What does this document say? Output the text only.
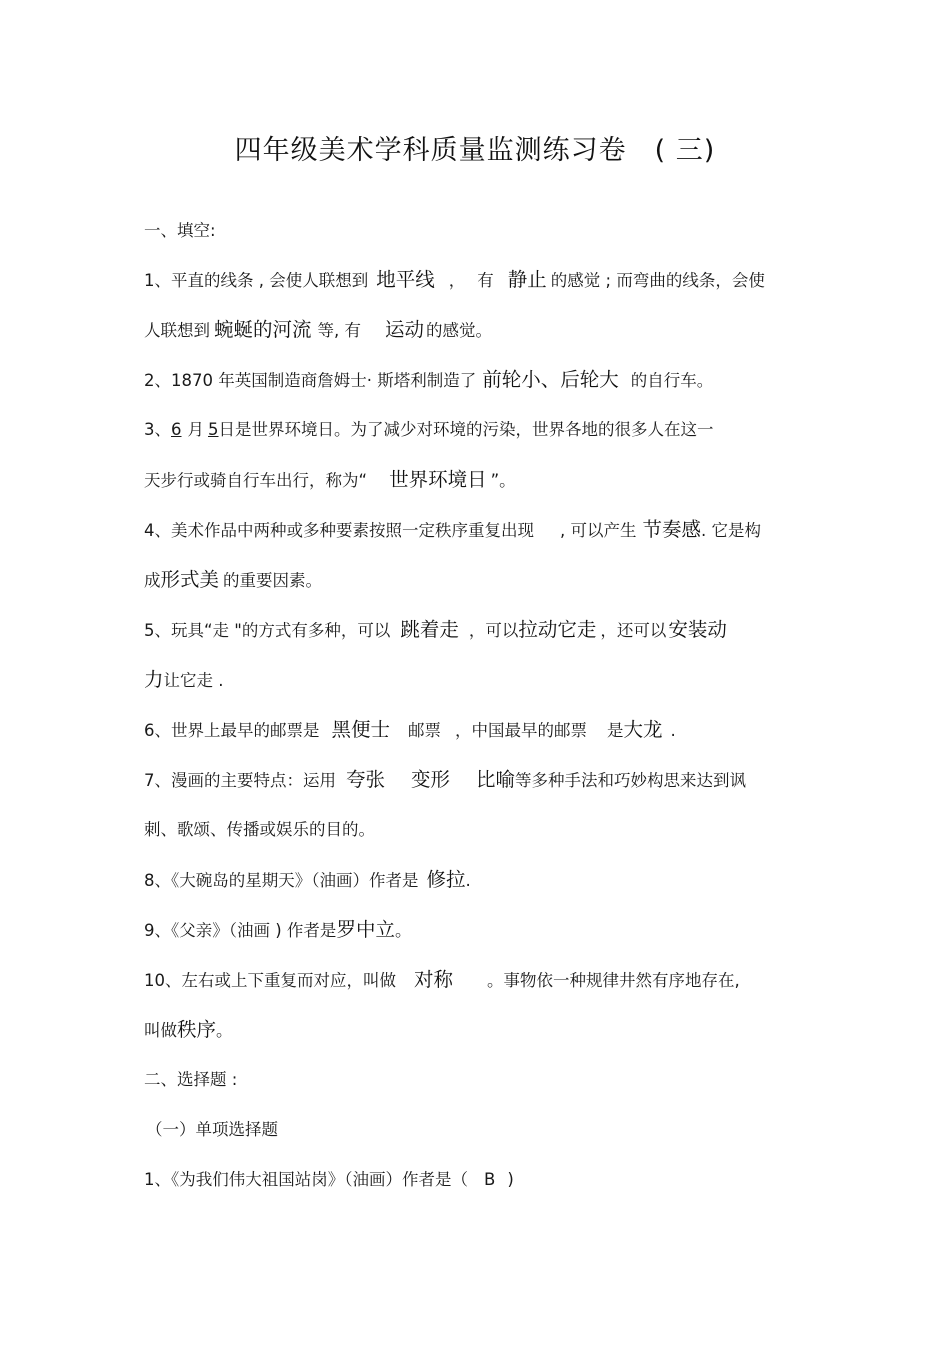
四年级美术学科质量监测练习卷　( 三)
一、填空:
1、平直的线条 , 会使人联想到 地平线 ， 有 静止 的感觉 ; 而弯曲的线条，会使
人联想到 蜿蜒的河流 等, 有 运动 的感觉。
2、1870 年英国制造商詹姆士· 斯塔利制造了 前轮小、后轮大 的自行车。
3、6 月 5日是世界环境日。为了减少对环境的污染，世界各地的很多人在这一
天步行或骑自行车出行，称为“ 世界环境日 ”。
4、美术作品中两种或多种要素按照一定秩序重复出现 , 可以产生 节奏感. 它是构
成形式美 的重要因素。
5、玩具“走 "的方式有多种，可以 跳着走 ，可以拉动它走 ，还可以 安装动
力让它走 .
6、世界上最早的邮票是 黑便士 邮票 ，中国最早的邮票 是大龙 .
7、漫画的主要特点：运用 夸张 变形 比喻等多种手法和巧妙构思来达到讽
刺、歌颂、传播或娱乐的目的。
8、《大碗岛的星期天》（油画）作者是 修拉.
9、《父亲》（油画 ) 作者是罗中立。
10、左右或上下重复而对应，叫做 对称 。事物依一种规律井然有序地存在,
叫做秩序。
二、选择题 :
（一）单项选择题
1、《为我们伟大祖国站岗》（油画）作者是（ B )
